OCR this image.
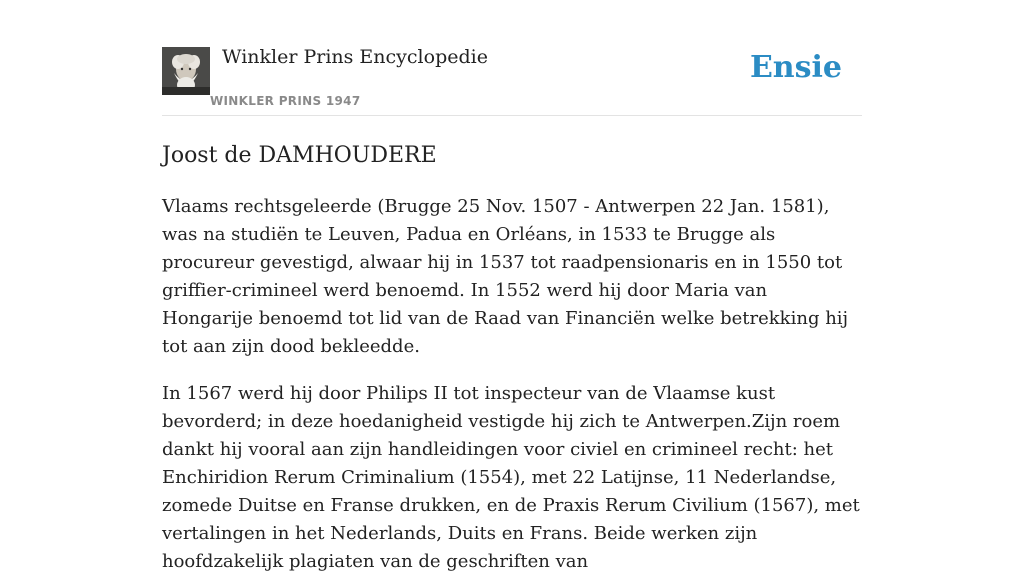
Winkler Prins Encyclopedie
WINKLER PRINS 1947
Ensie
Joost de DAMHOUDERE

Vlaams rechtsgeleerde (Brugge 25 Nov. 1507 - Antwerpen 22 Jan. 1581), was na studiën te Leuven, Padua en Orléans, in 1533 te Brugge als procureur gevestigd, alwaar hij in 1537 tot raadpensionaris en in 1550 tot griffier-crimineel werd benoemd. In 1552 werd hij door Maria van Hongarije benoemd tot lid van de Raad van Financiën welke betrekking hij tot aan zijn dood bekleedde.

In 1567 werd hij door Philips II tot inspecteur van de Vlaamse kust bevorderd; in deze hoedanigheid vestigde hij zich te Antwerpen.Zijn roem dankt hij vooral aan zijn handleidingen voor civiel en crimineel recht: het Enchiridion Rerum Criminalium (1554), met 22 Latijnse, 11 Nederlandse, zomede Duitse en Franse drukken, en de Praxis Rerum Civilium (1567), met vertalingen in het Nederlands, Duits en Frans. Beide werken zijn hoofdzakelijk plagiaten van de geschriften van
